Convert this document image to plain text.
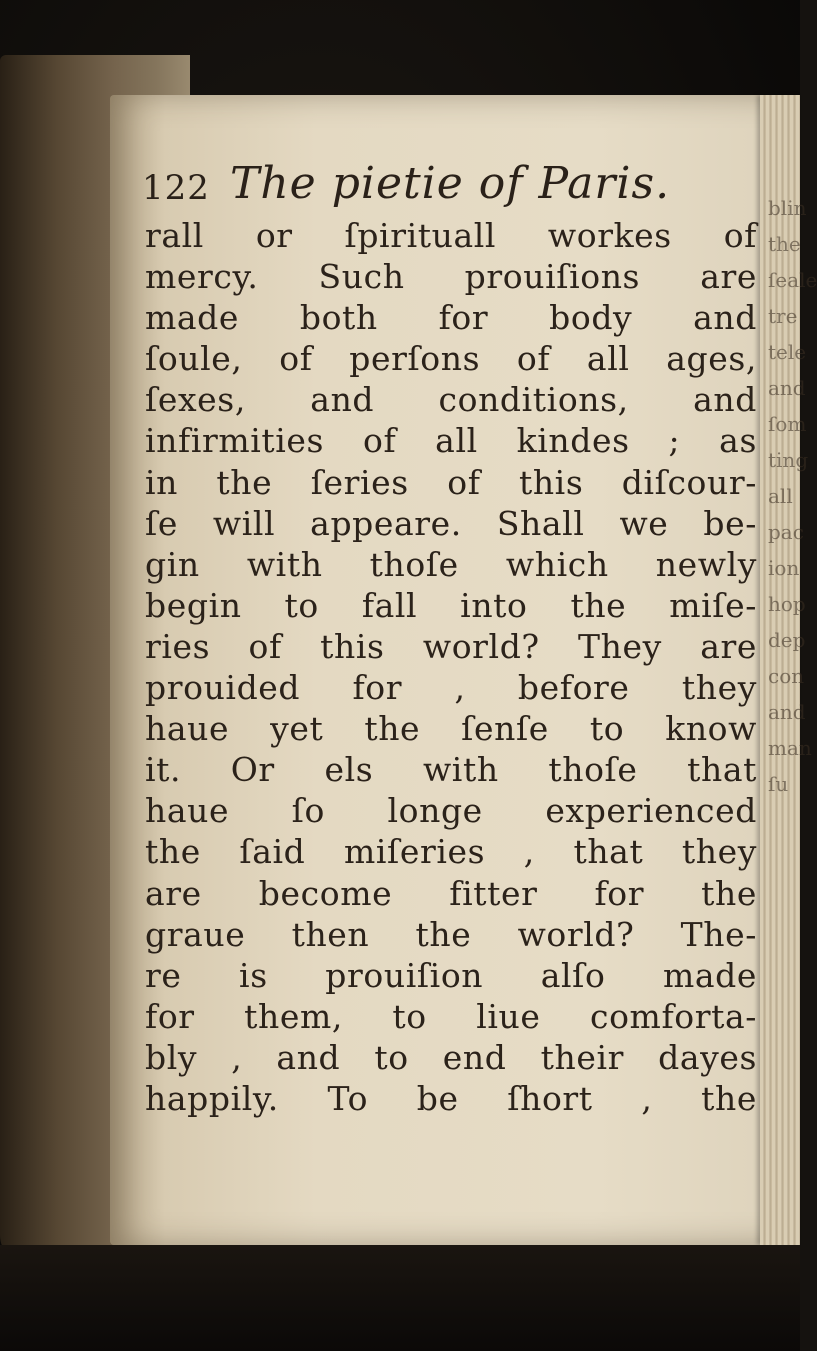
blin
the
ſeale
tre
tele
and
ſom
ting
all
pac
ion
hop
dep
con
and
man
ſu
122 The pietie of Paris.
rall or ſpirituall workes of
mercy. Such prouiſions are
made both for body and
ſoule, of perſons of all ages,
ſexes, and conditions, and
infirmities of all kindes ; as
in the ſeries of this diſcour-
ſe will appeare. Shall we be-
gin with thoſe which newly
begin to fall into the miſe-
ries of this world? They are
prouided for , before they
haue yet the ſenſe to know
it. Or els with thoſe that
haue ſo longe experienced
the ſaid miſeries , that they
are become fitter for the
graue then the world? The-
re is prouiſion alſo made
for them, to liue comforta-
bly , and to end their dayes
happily. To be ſhort , the
